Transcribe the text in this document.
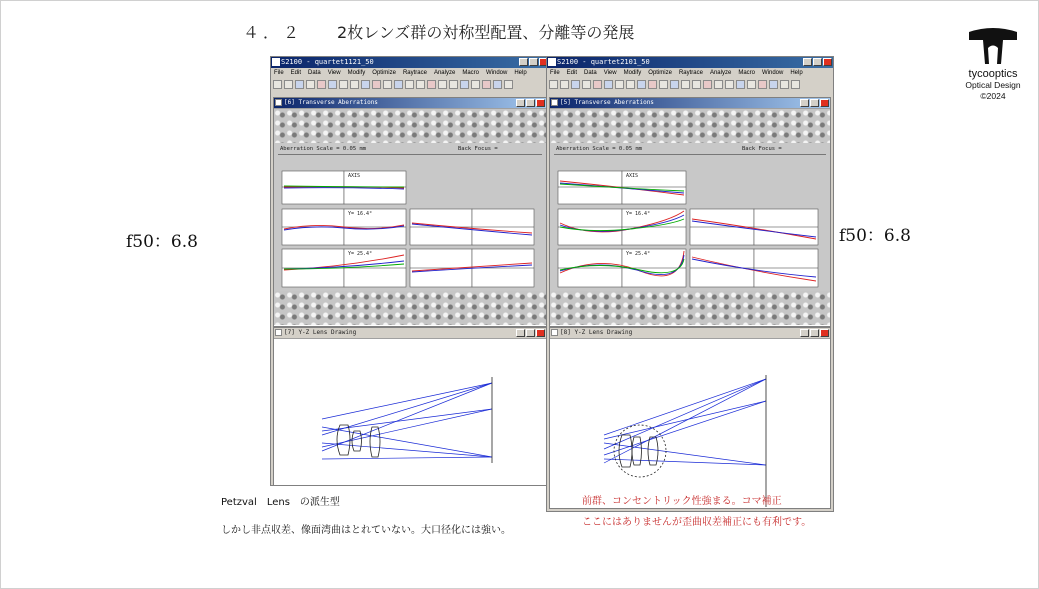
４．２ 2枚レンズ群の対称型配置、分離等の発展
tycooptics
Optical Design
©2024
f50：6.8	f50：6.8
S2100 - quartet1121_50
File Edit Data View Modify Optimize Raytrace Analyze Macro Window Help
[6] Transverse Aberrations
Aberration Scale = 0.05 mm	Back Focus =
AXIS
Y= 16.4°
Y= 25.4°
[7] Y-Z Lens Drawing
S2100 - quartet2101_50
File Edit Data View Modify Optimize Raytrace Analyze Macro Window Help
[5] Transverse Aberrations
Aberration Scale = 0.05 mm	Back Focus =
AXIS
Y= 16.4°
Y= 25.4°
[8] Y-Z Lens Drawing
Petzval　Lens　の派生型
しかし非点収差、像面湾曲はとれていない。大口径化には強い。
前群、コンセントリック性強まる。コマ補正
ここにはありませんが歪曲収差補正にも有利です。
